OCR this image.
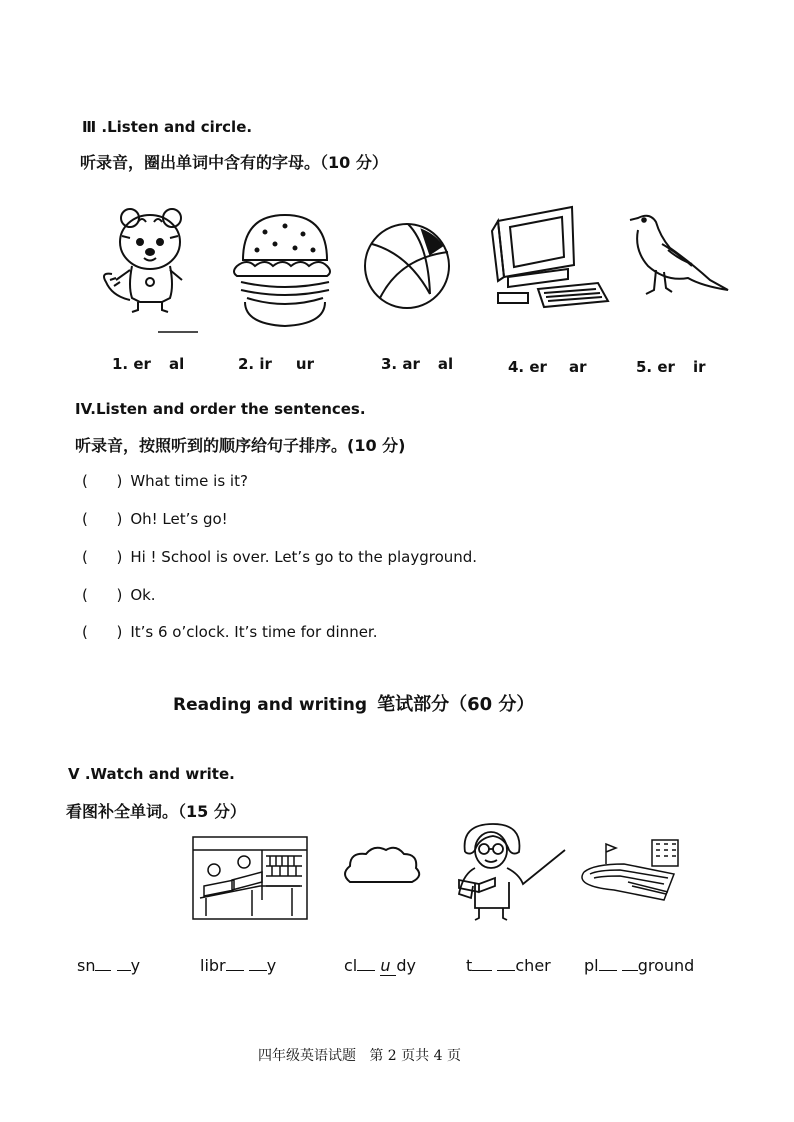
Ⅲ .Listen and circle.
听录音，圈出单词中含有的字母。（10 分）
1. er al	2. ir ur	3. ar al	4. er ar	5. er ir
IV.Listen and order the sentences.
听录音，按照听到的顺序给句子排序。(10 分)
(      ) What time is it?
(      ) Oh! Let’s go!
(      ) Hi ! School is over. Let’s go to the playground.
(      ) Ok.
(      ) It’s 6 o’clock. It’s time for dinner.
Reading and writing 笔试部分（60 分）
V .Watch and write.
看图补全单词。（15 分）
sn y	libr	y	cl u dy	t	cher pl ground
四年级英语试题   第 2 页共 4 页
